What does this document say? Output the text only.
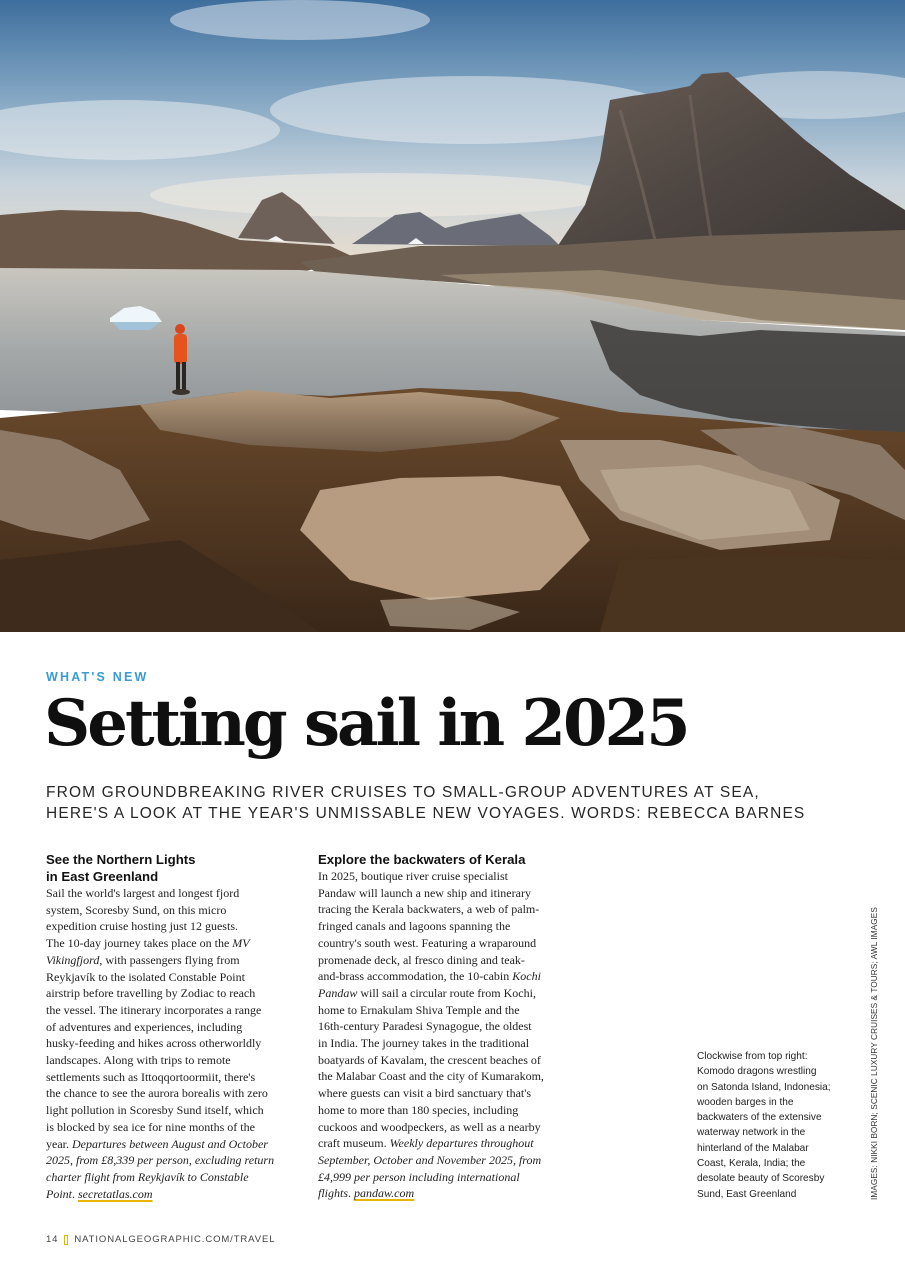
WHAT'S NEW
Setting sail in 2025

FROM GROUNDBREAKING RIVER CRUISES TO SMALL-GROUP ADVENTURES AT SEA,

HERE'S A LOOK AT THE YEAR'S UNMISSABLE NEW VOYAGES. WORDS: REBECCA BARNES

See the Northern Lights
in East Greenland
Sail the world's largest and longest fjord
system, Scoresby Sund, on this micro
expedition cruise hosting just 12 guests.
The 10-day journey takes place on the MV
Vikingfjord, with passengers flying from
Reykjavík to the isolated Constable Point
airstrip before travelling by Zodiac to reach
the vessel. The itinerary incorporates a range
of adventures and experiences, including
husky-feeding and hikes across otherworldly
landscapes. Along with trips to remote
settlements such as Ittoqqortoormiit, there's
the chance to see the aurora borealis with zero
light pollution in Scoresby Sund itself, which
is blocked by sea ice for nine months of the
year. Departures between August and October
2025, from £8,339 per person, excluding return
charter flight from Reykjavík to Constable
Point. secretatlas.com
Explore the backwaters of Kerala
In 2025, boutique river cruise specialist
Pandaw will launch a new ship and itinerary
tracing the Kerala backwaters, a web of palm-
fringed canals and lagoons spanning the
country's south west. Featuring a wraparound
promenade deck, al fresco dining and teak-
and-brass accommodation, the 10-cabin Kochi
Pandaw will sail a circular route from Kochi,
home to Ernakulam Shiva Temple and the
16th-century Paradesi Synagogue, the oldest
in India. The journey takes in the traditional
boatyards of Kavalam, the crescent beaches of
the Malabar Coast and the city of Kumarakom,
where guests can visit a bird sanctuary that's
home to more than 180 species, including
cuckoos and woodpeckers, as well as a nearby
craft museum. Weekly departures throughout
September, October and November 2025, from
£4,999 per person including international
flights. pandaw.com
Clockwise from top right:
Komodo dragons wrestling
on Satonda Island, Indonesia;
wooden barges in the
backwaters of the extensive
waterway network in the
hinterland of the Malabar
Coast, Kerala, India; the
desolate beauty of Scoresby
Sund, East Greenland	IMAGES: NIKKI BORN; SCENIC LUXURY CRUISES & TOURS; AWL IMAGES
14 NATIONALGEOGRAPHIC.COM/TRAVEL
